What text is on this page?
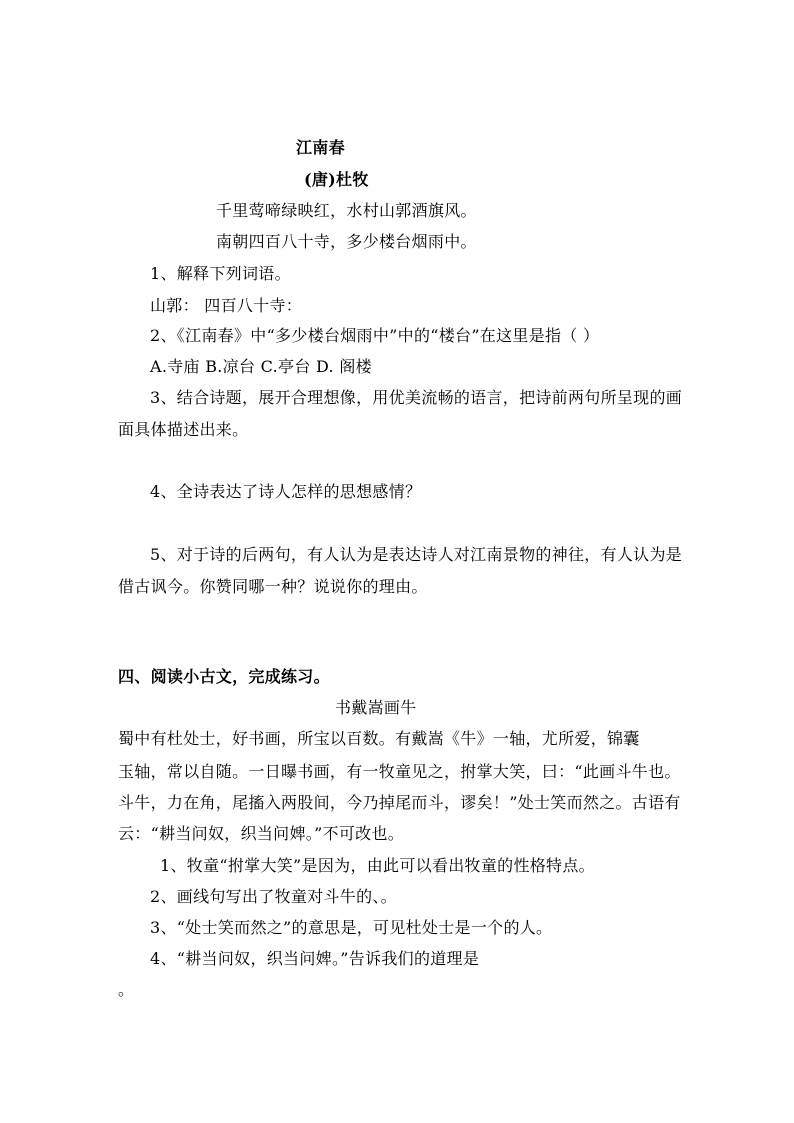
江南春
(唐)杜牧
千里莺啼绿映红，水村山郭酒旗风。
南朝四百八十寺，多少楼台烟雨中。
1、解释下列词语。
山郭： 四百八十寺：
2、《江南春》中“多少楼台烟雨中”中的“楼台”在这里是指（ ）
A.寺庙 B.凉台 C.亭台 D. 阁楼
3、结合诗题，展开合理想像，用优美流畅的语言，把诗前两句所呈现的画
面具体描述出来。
4、全诗表达了诗人怎样的思想感情？
5、对于诗的后两句，有人认为是表达诗人对江南景物的神往，有人认为是
借古讽今。你赞同哪一种？说说你的理由。
四、阅读小古文，完成练习。
书戴嵩画牛
蜀中有杜处士，好书画，所宝以百数。有戴嵩《牛》一轴，尤所爱，锦囊
玉轴，常以自随。一日曝书画，有一牧童见之，拊掌大笑，曰：“此画斗牛也。
斗牛，力在角，尾搐入两股间，今乃掉尾而斗，谬矣！”处士笑而然之。古语有
云：“耕当问奴，织当问婢。”不可改也。
1、牧童“拊掌大笑”是因为，由此可以看出牧童的性格特点。
2、画线句写出了牧童对斗牛的、。
3、“处士笑而然之”的意思是，可见杜处士是一个的人。
4、“耕当问奴，织当问婢。”告诉我们的道理是
。
